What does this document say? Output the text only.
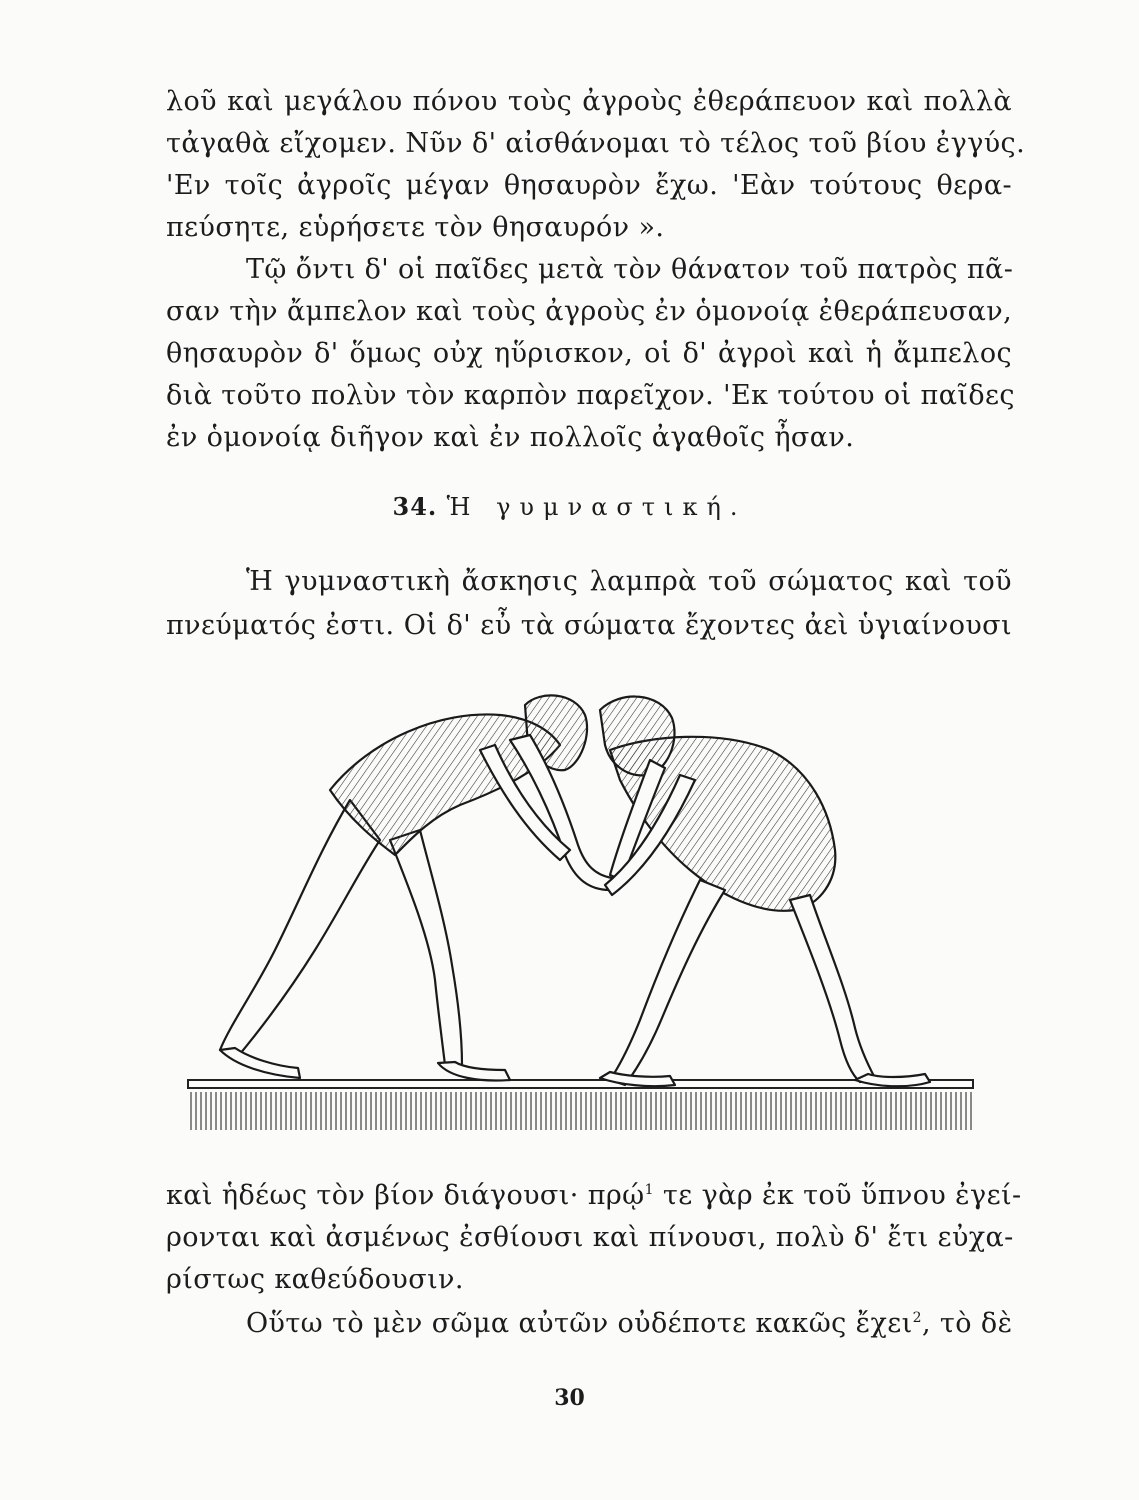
λοῦ καὶ μεγάλου πόνου τοὺς ἀγροὺς ἐθεράπευον καὶ πολλὰ
τἀγαθὰ εἴχομεν. Νῦν δ' αἰσθάνομαι τὸ τέλος τοῦ βίου ἐγγύς.
'Εν τοῖς ἀγροῖς μέγαν θησαυρὸν ἔχω. 'Εὰν τούτους θερα-
πεύσητε, εὑρήσετε τὸν θησαυρόν ».
Τῷ ὄντι δ' οἱ παῖδες μετὰ τὸν θάνατον τοῦ πατρὸς πᾶ-
σαν τὴν ἄμπελον καὶ τοὺς ἀγροὺς ἐν ὁμονοίᾳ ἐθεράπευσαν,
θησαυρὸν δ' ὅμως οὐχ ηὕρισκον, οἱ δ' ἀγροὶ καὶ ἡ ἄμπελος
διὰ τοῦτο πολὺν τὸν καρπὸν παρεῖχον. 'Εκ τούτου οἱ παῖδες
ἐν ὁμονοίᾳ διῆγον καὶ ἐν πολλοῖς ἀγαθοῖς ἦσαν.
34. Ἡ γυμναστική.
Ἡ γυμναστικὴ ἄσκησις λαμπρὰ τοῦ σώματος καὶ τοῦ
πνεύματός ἐστι. Οἱ δ' εὖ τὰ σώματα ἔχοντες ἀεὶ ὑγιαίνουσι
καὶ ἡδέως τὸν βίον διάγουσι· πρῴ$^1$ τε γὰρ ἐκ τοῦ ὕπνου ἐγεί-
ρονται καὶ ἀσμένως ἐσθίουσι καὶ πίνουσι, πολὺ δ' ἔτι εὐχα-
ρίστως καθεύδουσιν.
Οὕτω τὸ μὲν σῶμα αὐτῶν οὐδέποτε κακῶς ἔχει$^2$, τὸ δὲ
30
